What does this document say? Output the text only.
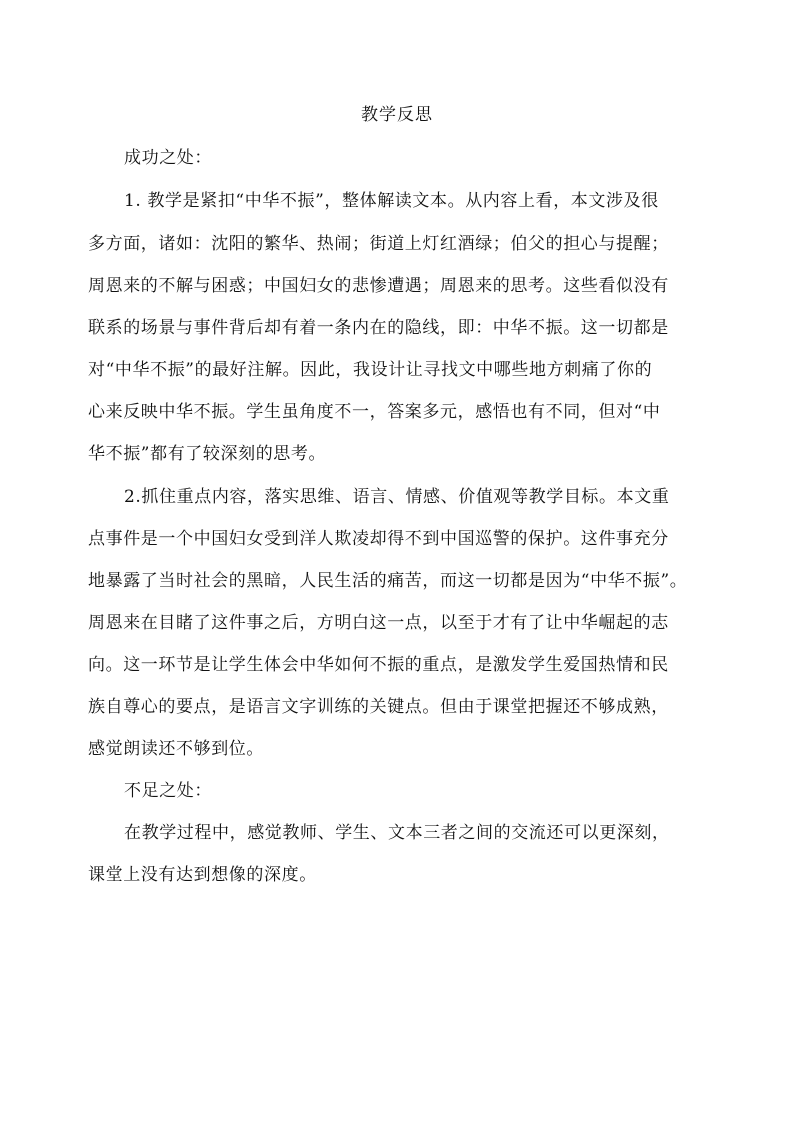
教学反思
成功之处：
1. 教学是紧扣“中华不振”，整体解读文本。从内容上看，本文涉及很
多方面，诸如：沈阳的繁华、热闹；街道上灯红酒绿；伯父的担心与提醒；
周恩来的不解与困惑；中国妇女的悲惨遭遇；周恩来的思考。这些看似没有
联系的场景与事件背后却有着一条内在的隐线，即：中华不振。这一切都是
对“中华不振”的最好注解。因此，我设计让寻找文中哪些地方刺痛了你的
心来反映中华不振。学生虽角度不一，答案多元，感悟也有不同，但对“中
华不振”都有了较深刻的思考。
2.抓住重点内容，落实思维、语言、情感、价值观等教学目标。本文重
点事件是一个中国妇女受到洋人欺凌却得不到中国巡警的保护。这件事充分
地暴露了当时社会的黑暗，人民生活的痛苦，而这一切都是因为“中华不振”。
周恩来在目睹了这件事之后，方明白这一点，以至于才有了让中华崛起的志
向。这一环节是让学生体会中华如何不振的重点，是激发学生爱国热情和民
族自尊心的要点，是语言文字训练的关键点。但由于课堂把握还不够成熟，
感觉朗读还不够到位。
不足之处：
在教学过程中，感觉教师、学生、文本三者之间的交流还可以更深刻，
课堂上没有达到想像的深度。
